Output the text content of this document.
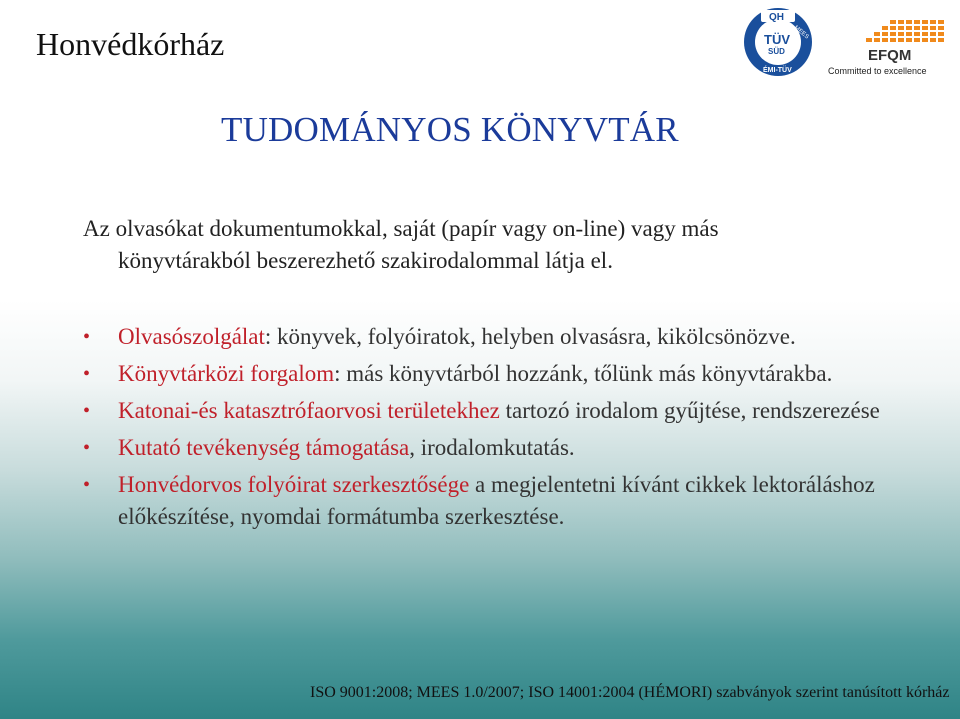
Honvédkórház
QH
MEES
TÜV
SÜD
ÉMI-TÜV
EFQM
Committed to excellence
TUDOMÁNYOS KÖNYVTÁR
Az olvasókat dokumentumokkal, saját (papír vagy on-line) vagy más
könyvtárakból beszerezhető szakirodalommal látja el.
• Olvasószolgálat: könyvek, folyóiratok, helyben olvasásra, kikölcsönözve.
• Könyvtárközi forgalom: más könyvtárból hozzánk, tőlünk más könyvtárakba.
• Katonai-és katasztrófaorvosi területekhez tartozó irodalom gyűjtése, rendszerezése
• Kutató tevékenység támogatása, irodalomkutatás.
• Honvédorvos folyóirat szerkesztősége a megjelentetni kívánt cikkek lektoráláshoz előkészítése, nyomdai formátumba szerkesztése.
ISO 9001:2008; MEES 1.0/2007; ISO 14001:2004 (HÉMORI) szabványok szerint tanúsított kórház
